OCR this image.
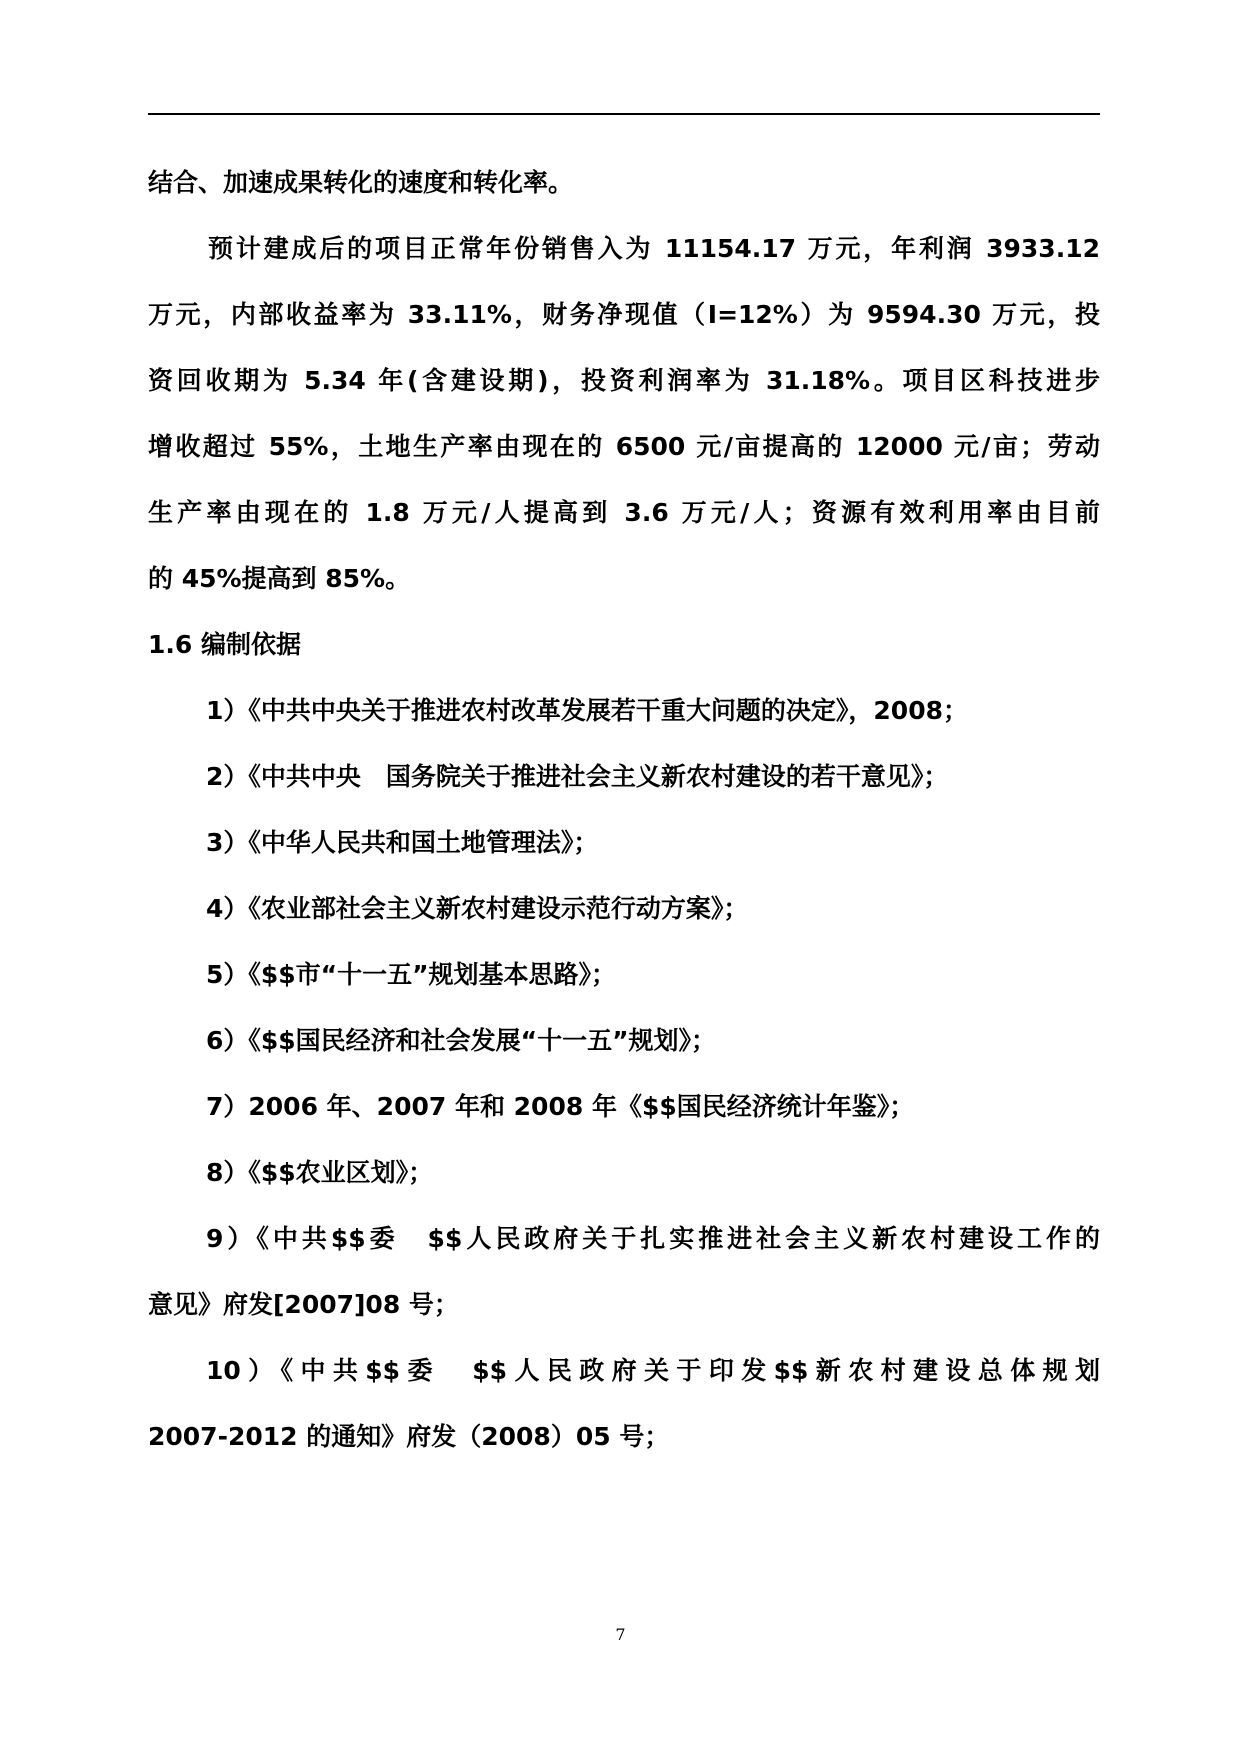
结合、加速成果转化的速度和转化率。
预计建成后的项目正常年份销售入为 11154.17 万元，年利润 3933.12
万元，内部收益率为 33.11%，财务净现值（I=12%）为 9594.30 万元，投
资回收期为 5.34 年(含建设期)，投资利润率为 31.18%。项目区科技进步
增收超过 55%，土地生产率由现在的 6500 元/亩提高的 12000 元/亩；劳动
生产率由现在的 1.8 万元/人提高到 3.6 万元/人；资源有效利用率由目前
的 45%提高到 85%。
1.6 编制依据
1）《中共中央关于推进农村改革发展若干重大问题的决定》，2008；
2）《中共中央　国务院关于推进社会主义新农村建设的若干意见》；
3）《中华人民共和国土地管理法》；
4）《农业部社会主义新农村建设示范行动方案》；
5）《$$市“十一五”规划基本思路》；
6）《$$国民经济和社会发展“十一五”规划》；
7）2006 年、2007 年和 2008 年《$$国民经济统计年鉴》；
8）《$$农业区划》；
9）《中共$$委　$$人民政府关于扎实推进社会主义新农村建设工作的
意见》府发[2007]08 号；
10）《中共$$委　$$人民政府关于印发$$新农村建设总体规划
2007-2012 的通知》府发（2008）05 号；
7
